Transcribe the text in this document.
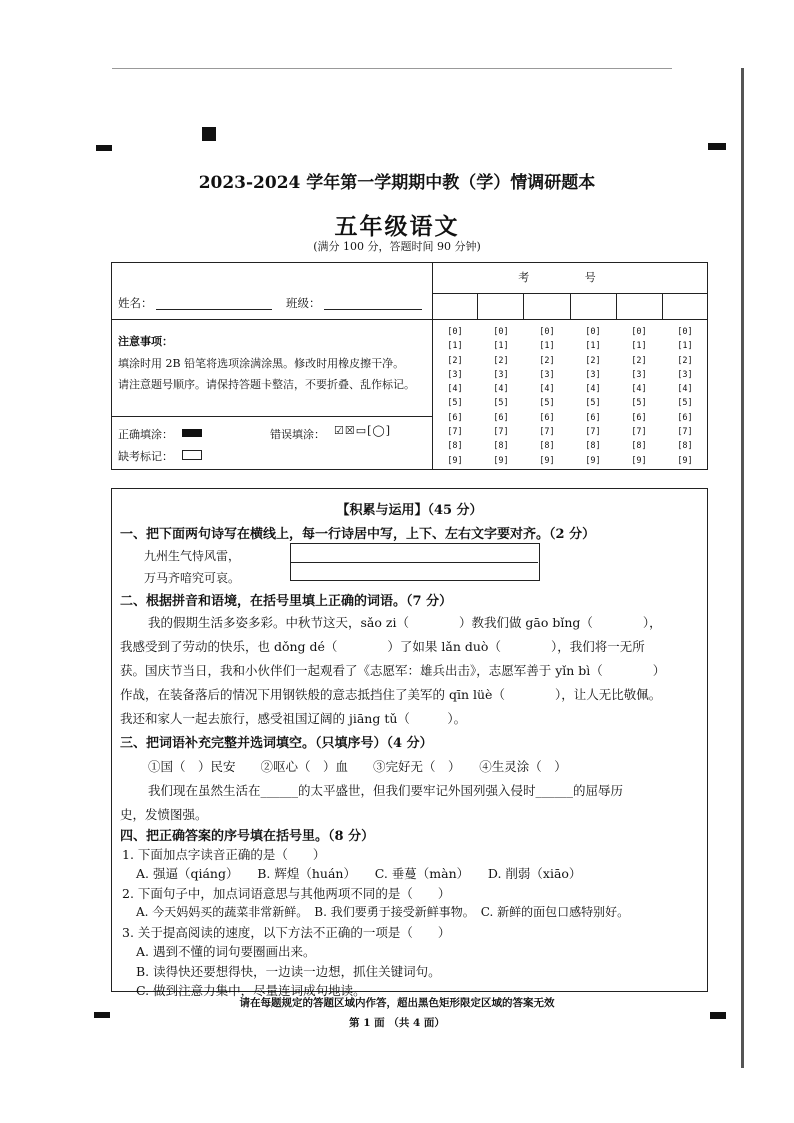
2023-2024 学年第一学期期中教（学）情调研题本
五年级语文
(满分 100 分，答题时间 90 分钟)
姓名：	班级：
注意事项：
填涂时用 2B 铅笔将选项涂满涂黑。修改时用橡皮擦干净。
请注意题号顺序。请保持答题卡整洁，不要折叠、乱作标记。
正确填涂：	错误填涂： ☑☒▭[◯]
缺考标记：
考 号
[0]
[1]
[2]
[3]
[4]
[5]
[6]
[7]
[8]
[9]
[0]
[1]
[2]
[3]
[4]
[5]
[6]
[7]
[8]
[9]
[0]
[1]
[2]
[3]
[4]
[5]
[6]
[7]
[8]
[9]
[0]
[1]
[2]
[3]
[4]
[5]
[6]
[7]
[8]
[9]
[0]
[1]
[2]
[3]
[4]
[5]
[6]
[7]
[8]
[9]
[0]
[1]
[2]
[3]
[4]
[5]
[6]
[7]
[8]
[9]
【积累与运用】（45 分）
一、把下面两句诗写在横线上，每一行诗居中写，上下、左右文字要对齐。（2 分）
九州生气恃风雷，
万马齐喑究可哀。
二、根据拼音和语境，在括号里填上正确的词语。（7 分）
我的假期生活多姿多彩。中秋节这天，sǎo zi（　　　　）教我们做 gāo bǐng（　　　　），
我感受到了劳动的快乐，也 dǒng dé（　　　　）了如果 lǎn duò（　　　　），我们将一无所
获。国庆节当日，我和小伙伴们一起观看了《志愿军：雄兵出击》，志愿军善于 yǐn bì（　　　　）
作战，在装备落后的情况下用钢铁般的意志抵挡住了美军的 qīn lüè（　　　　），让人无比敬佩。
我还和家人一起去旅行，感受祖国辽阔的 jiāng tǔ（　　　）。
三、把词语补充完整并选词填空。（只填序号）（4 分）
①国（　）民安　　②呕心（　）血　　③完好无（　）　　④生灵涂（　）
我们现在虽然生活在______的太平盛世，但我们要牢记外国列强入侵时______的屈辱历
史，发愤图强。
四、把正确答案的序号填在括号里。（8 分）
1. 下面加点字读音正确的是（　　）
A. 强逼（qiáng）　　B. 辉煌（huán）　　C. 垂蔓（màn）　　D. 削弱（xiāo）
2. 下面句子中，加点词语意思与其他两项不同的是（　　）
A. 今天妈妈买的蔬菜非常新鲜。　B. 我们要勇于接受新鲜事物。　C. 新鲜的面包口感特别好。
3. 关于提高阅读的速度，以下方法不正确的一项是（　　）
A. 遇到不懂的词句要圈画出来。
B. 读得快还要想得快，一边读一边想，抓住关键词句。
C. 做到注意力集中，尽量连词成句地读。
请在每题规定的答题区域内作答，超出黑色矩形限定区域的答案无效
第 1 面 （共 4 面）
